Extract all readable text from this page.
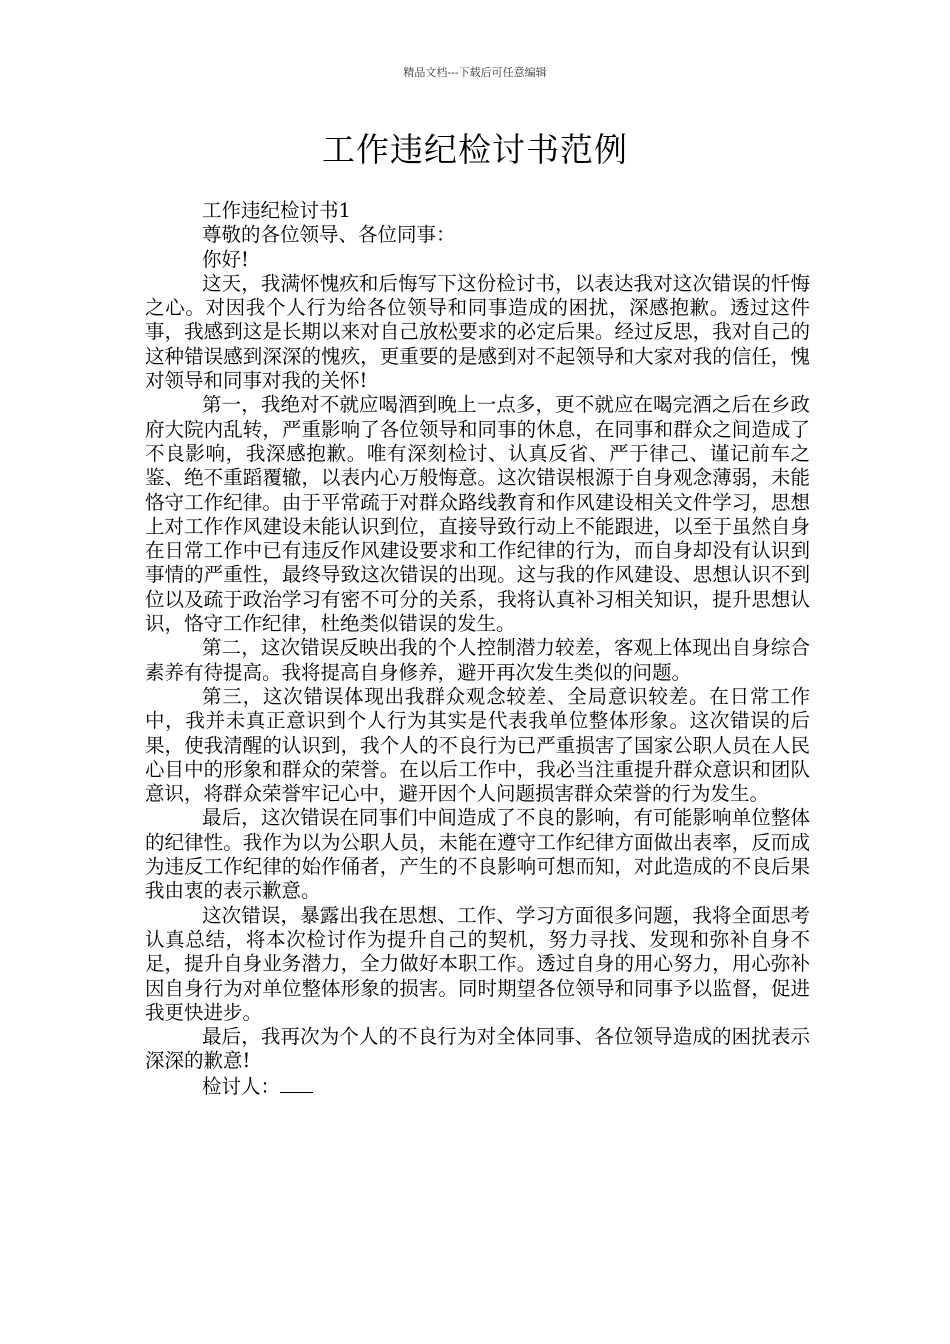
精品文档---下载后可任意编辑
工作违纪检讨书范例

工作违纪检讨书1

尊敬的各位领导、各位同事：

你好!

这天，我满怀愧疚和后悔写下这份检讨书，以表达我对这次错误的忏悔之心。对因我个人行为给各位领导和同事造成的困扰，深感抱歉。透过这件事，我感到这是长期以来对自己放松要求的必定后果。经过反思，我对自己的这种错误感到深深的愧疚，更重要的是感到对不起领导和大家对我的信任，愧对领导和同事对我的关怀!

第一，我绝对不就应喝酒到晚上一点多，更不就应在喝完酒之后在乡政府大院内乱转，严重影响了各位领导和同事的休息，在同事和群众之间造成了不良影响，我深感抱歉。唯有深刻检讨、认真反省、严于律己、谨记前车之鉴、绝不重蹈覆辙，以表内心万般悔意。这次错误根源于自身观念薄弱，未能恪守工作纪律。由于平常疏于对群众路线教育和作风建设相关文件学习，思想上对工作作风建设未能认识到位，直接导致行动上不能跟进，以至于虽然自身在日常工作中已有违反作风建设要求和工作纪律的行为，而自身却没有认识到事情的严重性，最终导致这次错误的出现。这与我的作风建设、思想认识不到位以及疏于政治学习有密不可分的关系，我将认真补习相关知识，提升思想认识，恪守工作纪律，杜绝类似错误的发生。

第二，这次错误反映出我的个人控制潜力较差，客观上体现出自身综合素养有待提高。我将提高自身修养，避开再次发生类似的问题。

第三，这次错误体现出我群众观念较差、全局意识较差。在日常工作中，我并未真正意识到个人行为其实是代表我单位整体形象。这次错误的后果，使我清醒的认识到，我个人的不良行为已严重损害了国家公职人员在人民心目中的形象和群众的荣誉。在以后工作中，我必当注重提升群众意识和团队意识，将群众荣誉牢记心中，避开因个人问题损害群众荣誉的行为发生。

最后，这次错误在同事们中间造成了不良的影响，有可能影响单位整体的纪律性。我作为以为公职人员，未能在遵守工作纪律方面做出表率，反而成为违反工作纪律的始作俑者，产生的不良影响可想而知，对此造成的不良后果我由衷的表示歉意。

这次错误，暴露出我在思想、工作、学习方面很多问题，我将全面思考认真总结，将本次检讨作为提升自己的契机，努力寻找、发现和弥补自身不足，提升自身业务潜力，全力做好本职工作。透过自身的用心努力，用心弥补因自身行为对单位整体形象的损害。同时期望各位领导和同事予以监督，促进我更快进步。

最后，我再次为个人的不良行为对全体同事、各位领导造成的困扰表示深深的歉意!

检讨人：
